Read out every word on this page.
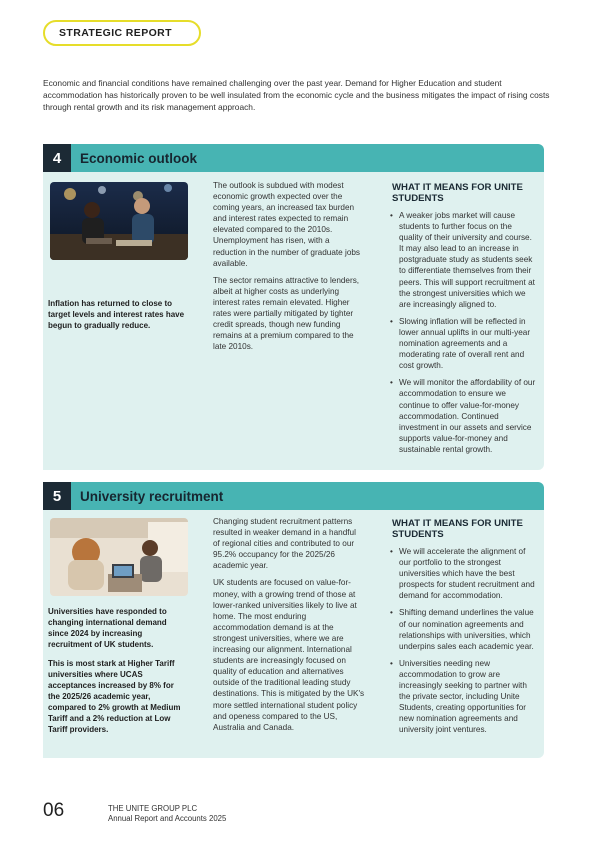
STRATEGIC REPORT
Economic and financial conditions have remained challenging over the past year. Demand for Higher Education and student accommodation has historically proven to be well insulated from the economic cycle and the business mitigates the impact of rising costs through rental growth and its risk management approach.
4	Economic outlook

Inflation has returned to close to target levels and interest rates have begun to gradually reduce.

The outlook is subdued with modest economic growth expected over the coming years, an increased tax burden and interest rates expected to remain elevated compared to the 2010s. Unemployment has risen, with a reduction in the number of graduate jobs available.

The sector remains attractive to lenders, albeit at higher costs as underlying interest rates remain elevated. Higher rates were partially mitigated by tighter credit spreads, though new funding remains at a premium compared to the late 2010s.

WHAT IT MEANS FOR UNITE STUDENTS
• A weaker jobs market will cause students to further focus on the quality of their university and course. It may also lead to an increase in postgraduate study as students seek to differentiate themselves from their peers. This will support recruitment at the strongest universities which we are increasingly aligned to.
• Slowing inflation will be reflected in lower annual uplifts in our multi-year nomination agreements and a moderating rate of overall rent and cost growth.
• We will monitor the affordability of our accommodation to ensure we continue to offer value-for-money accommodation. Continued investment in our assets and service supports value-for-money and sustainable rental growth.
5	University recruitment

Universities have responded to changing international demand since 2024 by increasing recruitment of UK students.

This is most stark at Higher Tariff universities where UCAS acceptances increased by 8% for the 2025/26 academic year, compared to 2% growth at Medium Tariff and a 2% reduction at Low Tariff providers.

Changing student recruitment patterns resulted in weaker demand in a handful of regional cities and contributed to our 95.2% occupancy for the 2025/26 academic year.

UK students are focused on value-for-money, with a growing trend of those at lower-ranked universities likely to live at home. The most enduring accommodation demand is at the strongest universities, where we are increasing our alignment. International students are increasingly focused on quality of education and alternatives outside of the traditional leading study destinations. This is mitigated by the UK's more settled international student policy and openess compared to the US, Australia and Canada.

WHAT IT MEANS FOR UNITE STUDENTS
• We will accelerate the alignment of our portfolio to the strongest universities which have the best prospects for student recruitment and demand for accommodation.
• Shifting demand underlines the value of our nomination agreements and relationships with universities, which underpins sales each academic year.
• Universities needing new accommodation to grow are increasingly seeking to partner with the private sector, including Unite Students, creating opportunities for new nomination agreements and university joint ventures.
06	THE UNITE GROUP PLC
Annual Report and Accounts 2025
